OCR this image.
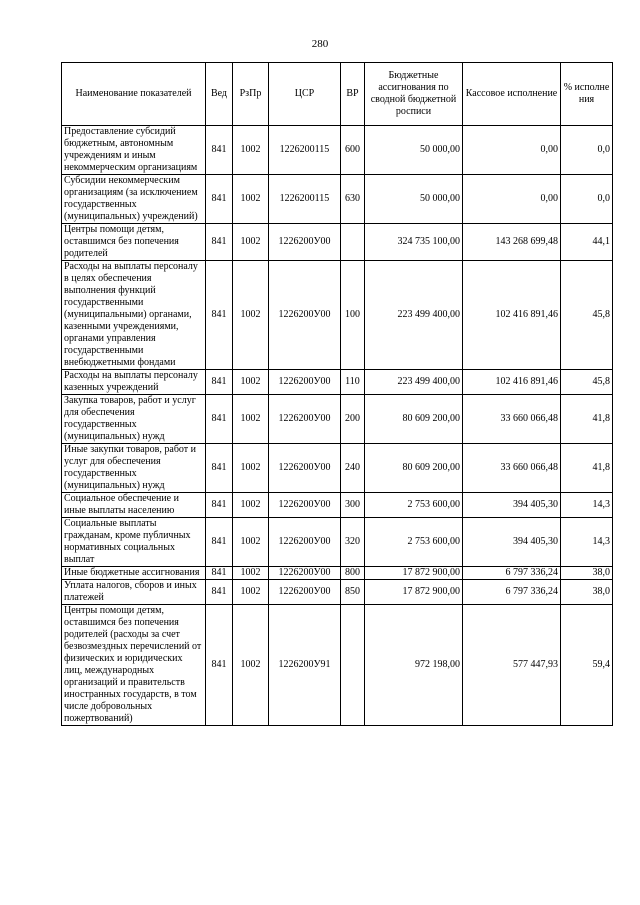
280
Наименование показателей	Вед	РзПр	ЦСР	ВР	Бюджетные ассигнования по сводной бюджетной росписи	Кассовое исполнение	% исполне ния
Предоставление субсидий бюджетным, автономным учреждениям и иным некоммерческим организациям	841	1002	1226200115	600	50 000,00	0,00	0,0
Субсидии некоммерческим организациям (за исключением государственных (муниципальных) учреждений)	841	1002	1226200115	630	50 000,00	0,00	0,0
Центры помощи детям, оставшимся без попечения родителей	841	1002	1226200У00		324 735 100,00	143 268 699,48	44,1
Расходы на выплаты персоналу в целях обеспечения выполнения функций государственными (муниципальными) органами, казенными учреждениями, органами управления государственными внебюджетными фондами	841	1002	1226200У00	100	223 499 400,00	102 416 891,46	45,8
Расходы на выплаты персоналу казенных учреждений	841	1002	1226200У00	110	223 499 400,00	102 416 891,46	45,8
Закупка товаров, работ и услуг для обеспечения государственных (муниципальных) нужд	841	1002	1226200У00	200	80 609 200,00	33 660 066,48	41,8
Иные закупки товаров, работ и услуг для обеспечения государственных (муниципальных) нужд	841	1002	1226200У00	240	80 609 200,00	33 660 066,48	41,8
Социальное обеспечение и иные выплаты населению	841	1002	1226200У00	300	2 753 600,00	394 405,30	14,3
Социальные выплаты гражданам, кроме публичных нормативных социальных выплат	841	1002	1226200У00	320	2 753 600,00	394 405,30	14,3
Иные бюджетные ассигнования	841	1002	1226200У00	800	17 872 900,00	6 797 336,24	38,0
Уплата налогов, сборов и иных платежей	841	1002	1226200У00	850	17 872 900,00	6 797 336,24	38,0
Центры помощи детям, оставшимся без попечения родителей (расходы за счет безвозмездных перечислений от физических и юридических лиц, международных организаций и правительств иностранных государств, в том числе добровольных пожертвований)	841	1002	1226200У91		972 198,00	577 447,93	59,4
